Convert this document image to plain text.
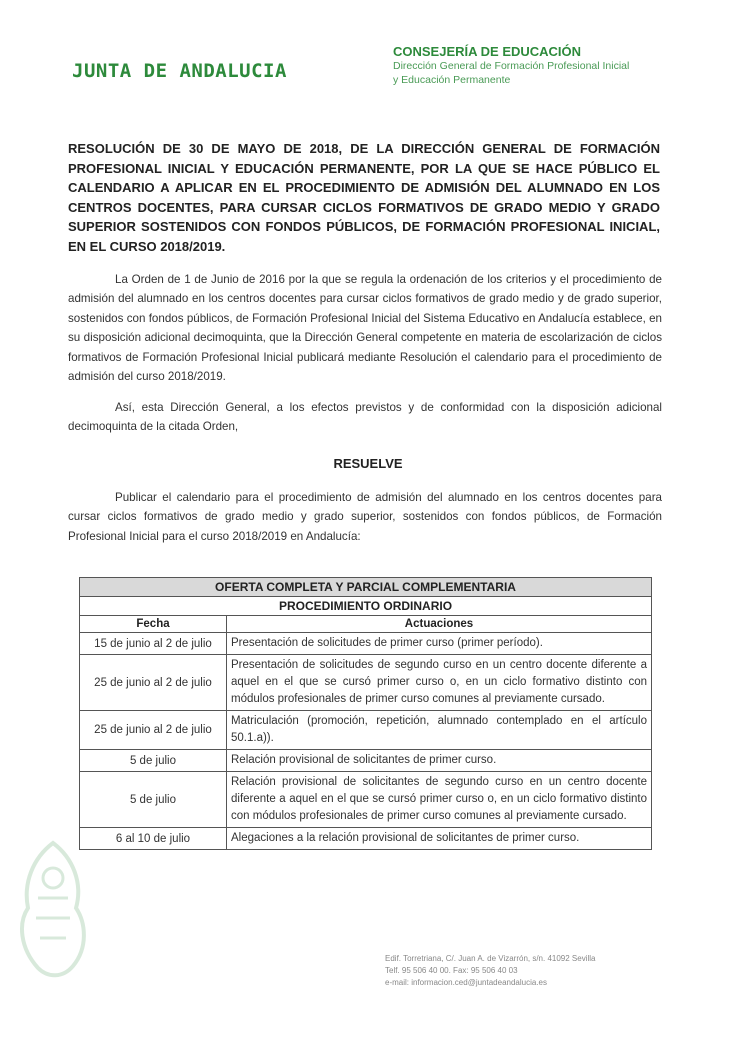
JUNTA DE ANDALUCIA
CONSEJERÍA DE EDUCACIÓN
Dirección General de Formación Profesional Inicial
y Educación Permanente
RESOLUCIÓN DE 30 DE MAYO DE 2018, DE LA DIRECCIÓN GENERAL DE FORMACIÓN PROFESIONAL INICIAL Y EDUCACIÓN PERMANENTE, POR LA QUE SE HACE PÚBLICO EL CALENDARIO A APLICAR EN EL PROCEDIMIENTO DE ADMISIÓN DEL ALUMNADO EN LOS CENTROS DOCENTES, PARA CURSAR CICLOS FORMATIVOS DE GRADO MEDIO Y GRADO SUPERIOR SOSTENIDOS CON FONDOS PÚBLICOS, DE FORMACIÓN PROFESIONAL INICIAL, EN EL CURSO 2018/2019.
La Orden de 1 de Junio de 2016 por la que se regula la ordenación de los criterios y el procedimiento de admisión del alumnado en los centros docentes para cursar ciclos formativos de grado medio y de grado superior, sostenidos con fondos públicos, de Formación Profesional Inicial del Sistema Educativo en Andalucía establece, en su disposición adicional decimoquinta, que la Dirección General competente en materia de escolarización de ciclos formativos de Formación Profesional Inicial publicará mediante Resolución el calendario para el procedimiento de admisión del curso 2018/2019.
Así, esta Dirección General, a los efectos previstos y de conformidad con la disposición adicional decimoquinta de la citada Orden,
RESUELVE
Publicar el calendario para el procedimiento de admisión del alumnado en los centros docentes para cursar ciclos formativos de grado medio y grado superior, sostenidos con fondos públicos, de Formación Profesional Inicial para el curso 2018/2019 en Andalucía:
OFERTA COMPLETA Y PARCIAL COMPLEMENTARIA	
PROCEDIMIENTO ORDINARIO	
Fecha	Actuaciones
15 de junio al 2 de julio	Presentación de solicitudes de primer curso (primer período).
25 de junio al 2 de julio	Presentación de solicitudes de segundo curso en un centro docente diferente a aquel en el que se cursó primer curso o, en un ciclo formativo distinto con módulos profesionales de primer curso comunes al previamente cursado.
25 de junio al 2 de julio	Matriculación (promoción, repetición, alumnado contemplado en el artículo 50.1.a)).
5 de julio	Relación provisional de solicitantes de primer curso.
5 de julio	Relación provisional de solicitantes de segundo curso en un centro docente diferente a aquel en el que se cursó primer curso o, en un ciclo formativo distinto con módulos profesionales de primer curso comunes al previamente cursado.
6 al 10 de julio	Alegaciones a la relación provisional de solicitantes de primer curso.
Edif. Torretriana, C/. Juan A. de Vizarrón, s/n. 41092 Sevilla
Telf. 95 506 40 00. Fax: 95 506 40 03
e-mail: informacion.ced@juntadeandalucia.es
